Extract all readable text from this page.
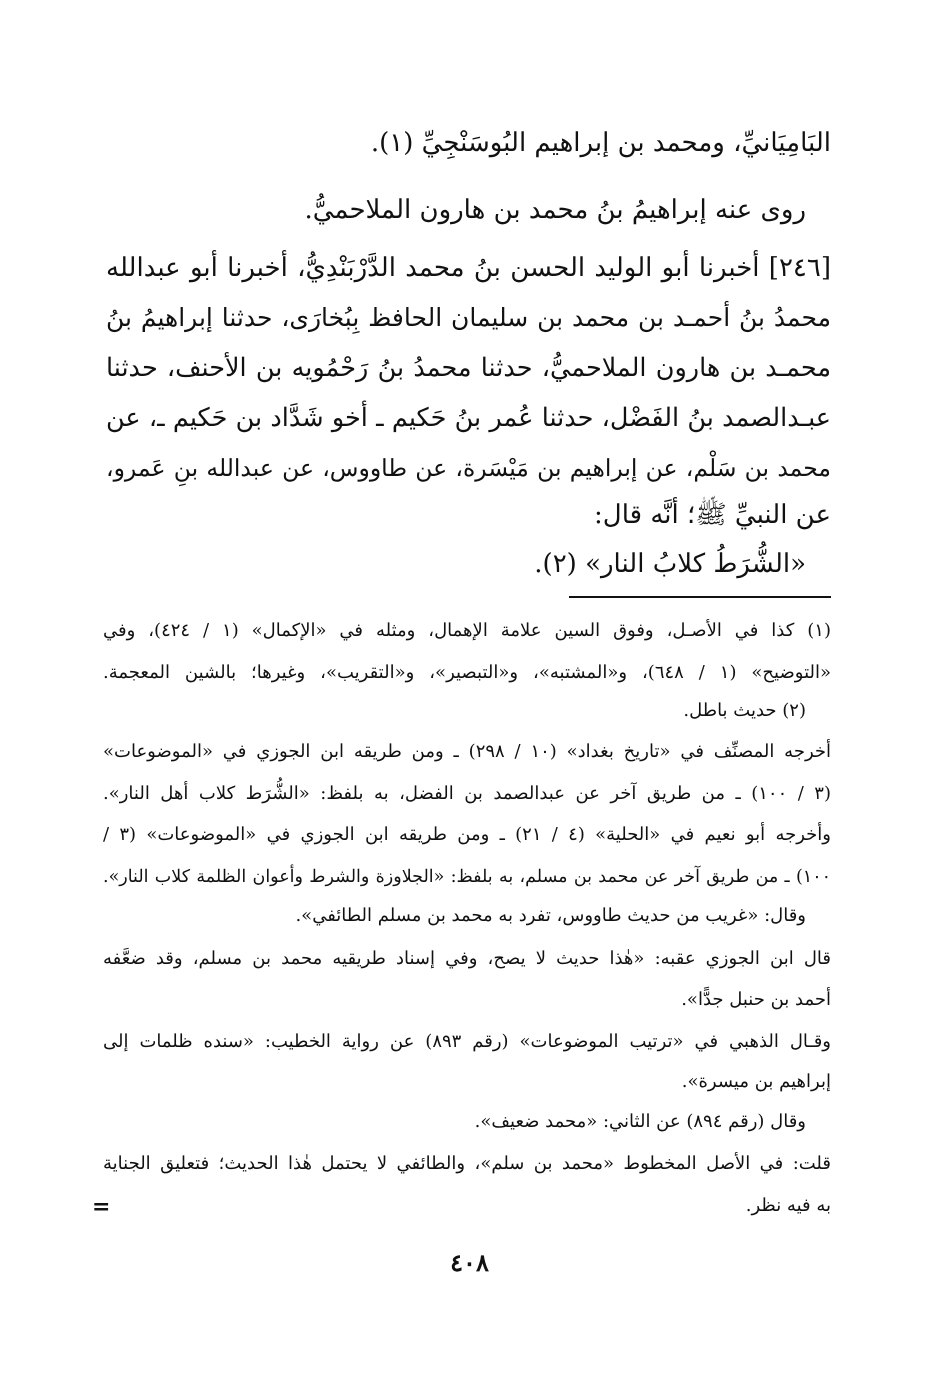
البَامِيَانيِّ، ومحمد بن إبراهيم البُوسَنْجِيِّ (١).
روى عنه إبراهيمُ بنُ محمد بن هارون الملاحميُّ.
[٢٤٦] أخبرنا أبو الوليد الحسن بنُ محمد الدَّرْبَنْدِيُّ، أخبرنا أبو عبدالله
محمدُ بنُ أحمـد بن محمد بن سليمان الحافظ بِبُخارَى، حدثنا إبراهيمُ بنُ
محمـد بن هارون الملاحميُّ، حدثنا محمدُ بنُ رَحْمُويه بن الأحنف، حدثنا
عبـدالصمد بنُ الفَضْل، حدثنا عُمر بنُ حَكيم ـ أخو شَدَّاد بن حَكيم ـ، عن
محمد بن سَلْم، عن إبراهيم بن مَيْسَرة، عن طاووس، عن عبدالله بنِ عَمرو،
عن النبيِّ ﷺ؛ أنَّه قال:
«الشُّرَطُ كلابُ النار» (٢).
(١) كذا في الأصـل، وفوق السين علامة الإهمال، ومثله في «الإكمال» (١ / ٤٢٤)، وفي
«التوضيح» (١ / ٦٤٨)، و«المشتبه»، و«التبصير»، و«التقريب»، وغيرها؛ بالشين المعجمة.
(٢) حديث باطل.
أخرجه المصنِّف في «تاريخ بغداد» (١٠ / ٢٩٨) ـ ومن طريقه ابن الجوزي في «الموضوعات»
(٣ / ١٠٠) ـ من طريق آخر عن عبدالصمد بن الفضل، به بلفظ: «الشُّرَط كلاب أهل النار».
وأخرجه أبو نعيم في «الحلية» (٤ / ٢١) ـ ومن طريقه ابن الجوزي في «الموضوعات» (٣ /
١٠٠) ـ من طريق آخر عن محمد بن مسلم، به بلفظ: «الجلاوزة والشرط وأعوان الظلمة كلاب النار».
وقال: «غريب من حديث طاووس، تفرد به محمد بن مسلم الطائفي».
قال ابن الجوزي عقبه: «هٰذا حديث لا يصح، وفي إسناد طريقيه محمد بن مسلم، وقد ضعَّفه
أحمد بن حنبل جدًّا».
وقـال الذهبي في «ترتيب الموضوعات» (رقم ٨٩٣) عن رواية الخطيب: «سنده ظلمات إلى
إبراهيم بن ميسرة».
وقال (رقم ٨٩٤) عن الثاني: «محمد ضعيف».
قلت: في الأصل المخطوط «محمد بن سلم»، والطائفي لا يحتمل هٰذا الحديث؛ فتعليق الجناية
به فيه نظر.
=
٤٠٨
